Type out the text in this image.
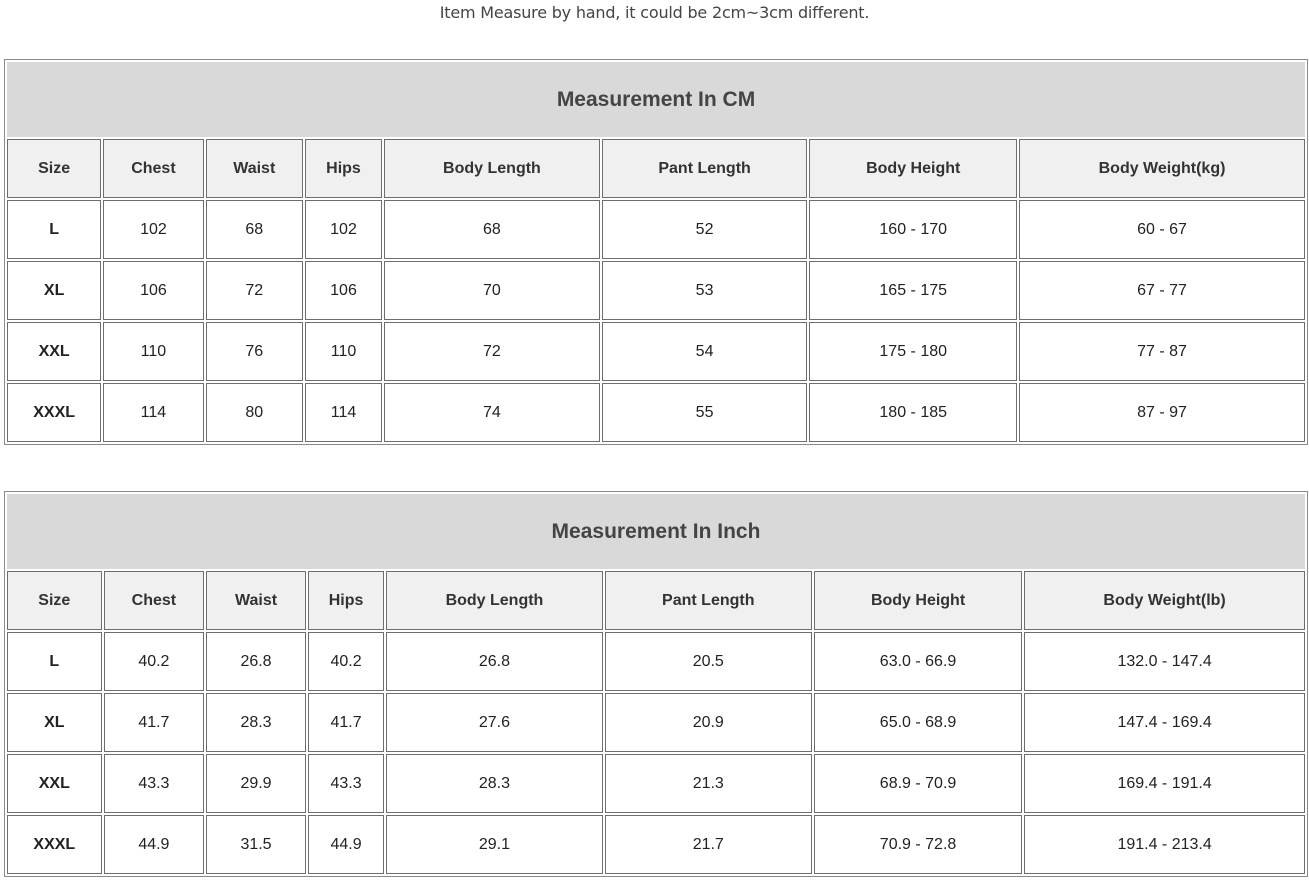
Item Measure by hand, it could be 2cm~3cm different.
Measurement In CM							
Size	Chest	Waist	Hips	Body Length	Pant Length	Body Height	Body Weight(kg)
L	102	68	102	68	52	160 - 170	60 - 67
XL	106	72	106	70	53	165 - 175	67 - 77
XXL	110	76	110	72	54	175 - 180	77 - 87
XXXL	114	80	114	74	55	180 - 185	87 - 97
Measurement In Inch							
Size	Chest	Waist	Hips	Body Length	Pant Length	Body Height	Body Weight(lb)
L	40.2	26.8	40.2	26.8	20.5	63.0 - 66.9	132.0 - 147.4
XL	41.7	28.3	41.7	27.6	20.9	65.0 - 68.9	147.4 - 169.4
XXL	43.3	29.9	43.3	28.3	21.3	68.9 - 70.9	169.4 - 191.4
XXXL	44.9	31.5	44.9	29.1	21.7	70.9 - 72.8	191.4 - 213.4
